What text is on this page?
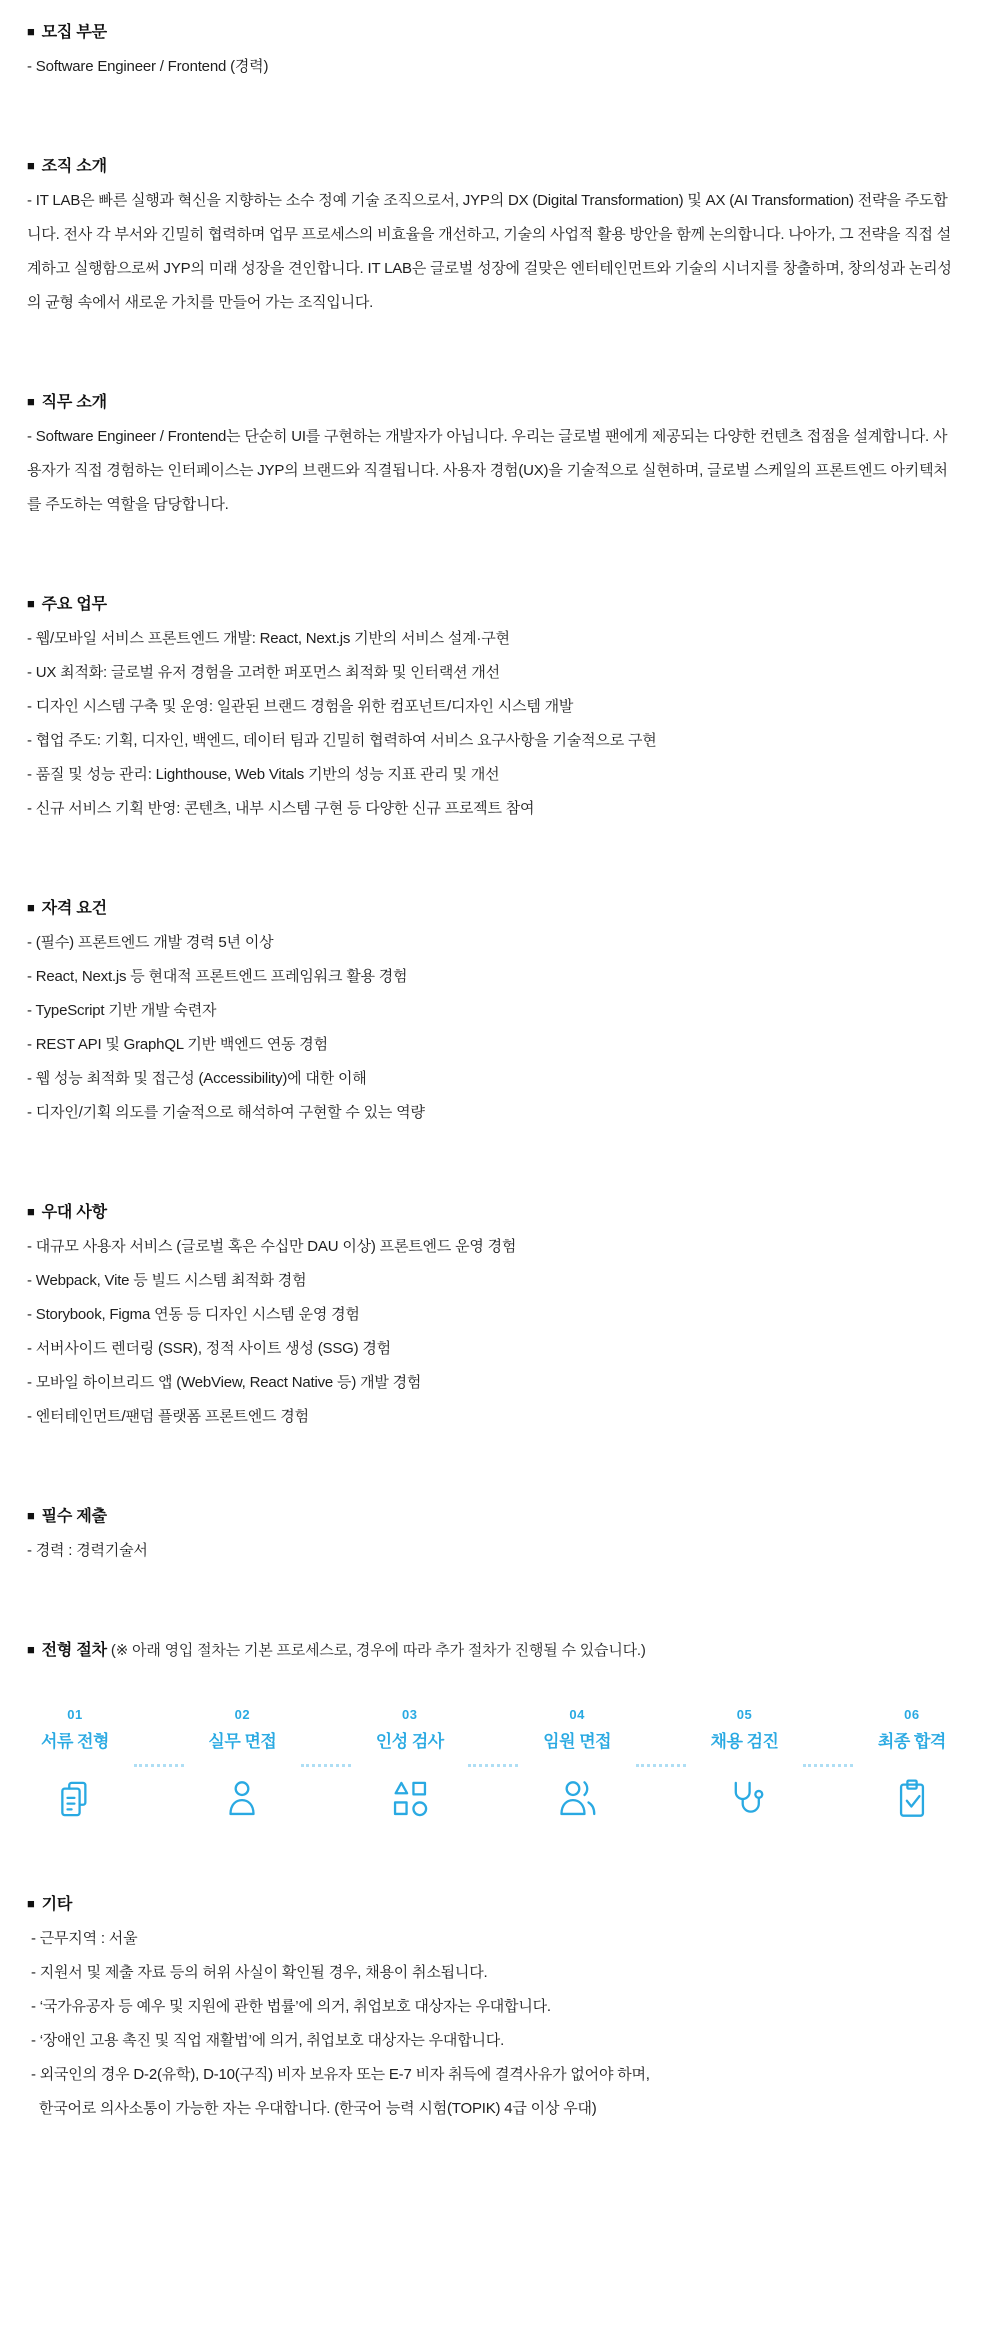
■ 모집 부문

- Software Engineer / Frontend (경력)

■ 조직 소개

- IT LAB은 빠른 실행과 혁신을 지향하는 소수 정예 기술 조직으로서, JYP의 DX (Digital Transformation) 및 AX (AI Transformation) 전략을 주도합니다. 전사 각 부서와 긴밀히 협력하며 업무 프로세스의 비효율을 개선하고, 기술의 사업적 활용 방안을 함께 논의합니다. 나아가, 그 전략을 직접 설계하고 실행함으로써 JYP의 미래 성장을 견인합니다. IT LAB은 글로벌 성장에 걸맞은 엔터테인먼트와 기술의 시너지를 창출하며, 창의성과 논리성의 균형 속에서 새로운 가치를 만들어 가는 조직입니다.

■ 직무 소개

- Software Engineer / Frontend는 단순히 UI를 구현하는 개발자가 아닙니다. 우리는 글로벌 팬에게 제공되는 다양한 컨텐츠 접점을 설계합니다. 사용자가 직접 경험하는 인터페이스는 JYP의 브랜드와 직결됩니다. 사용자 경험(UX)을 기술적으로 실현하며, 글로벌 스케일의 프론트엔드 아키텍처를 주도하는 역할을 담당합니다.

■ 주요 업무

- 웹/모바일 서비스 프론트엔드 개발: React, Next.js 기반의 서비스 설계·구현

- UX 최적화: 글로벌 유저 경험을 고려한 퍼포먼스 최적화 및 인터랙션 개선

- 디자인 시스템 구축 및 운영: 일관된 브랜드 경험을 위한 컴포넌트/디자인 시스템 개발

- 협업 주도: 기획, 디자인, 백엔드, 데이터 팀과 긴밀히 협력하여 서비스 요구사항을 기술적으로 구현

- 품질 및 성능 관리: Lighthouse, Web Vitals 기반의 성능 지표 관리 및 개선

- 신규 서비스 기획 반영: 콘텐츠, 내부 시스템 구현 등 다양한 신규 프로젝트 참여

■ 자격 요건

- (필수) 프론트엔드 개발 경력 5년 이상

- React, Next.js 등 현대적 프론트엔드 프레임워크 활용 경험

- TypeScript 기반 개발 숙련자

- REST API 및 GraphQL 기반 백엔드 연동 경험

- 웹 성능 최적화 및 접근성 (Accessibility)에 대한 이해

- 디자인/기획 의도를 기술적으로 해석하여 구현할 수 있는 역량

■ 우대 사항

- 대규모 사용자 서비스 (글로벌 혹은 수십만 DAU 이상) 프론트엔드 운영 경험

- Webpack, Vite 등 빌드 시스템 최적화 경험

- Storybook, Figma 연동 등 디자인 시스템 운영 경험

- 서버사이드 렌더링 (SSR), 정적 사이트 생성 (SSG) 경험

- 모바일 하이브리드 앱 (WebView, React Native 등) 개발 경험

- 엔터테인먼트/팬덤 플랫폼 프론트엔드 경험

■ 필수 제출

- 경력 : 경력기술서

■ 전형 절차 (※ 아래 영입 절차는 기본 프로세스로, 경우에 따라 추가 절차가 진행될 수 있습니다.)
01
서류 전형
02
실무 면접
03
인성 검사
04
임원 면접
05
채용 검진
06
최종 합격
■ 기타

- 근무지역 : 서울

- 지원서 및 제출 자료 등의 허위 사실이 확인될 경우, 채용이 취소됩니다.

- ‘국가유공자 등 예우 및 지원에 관한 법률’에 의거, 취업보호 대상자는 우대합니다.

- ‘장애인 고용 촉진 및 직업 재활법’에 의거, 취업보호 대상자는 우대합니다.

- 외국인의 경우 D-2(유학), D-10(구직) 비자 보유자 또는 E-7 비자 취득에 결격사유가 없어야 하며,

한국어로 의사소통이 가능한 자는 우대합니다. (한국어 능력 시험(TOPIK) 4급 이상 우대)
